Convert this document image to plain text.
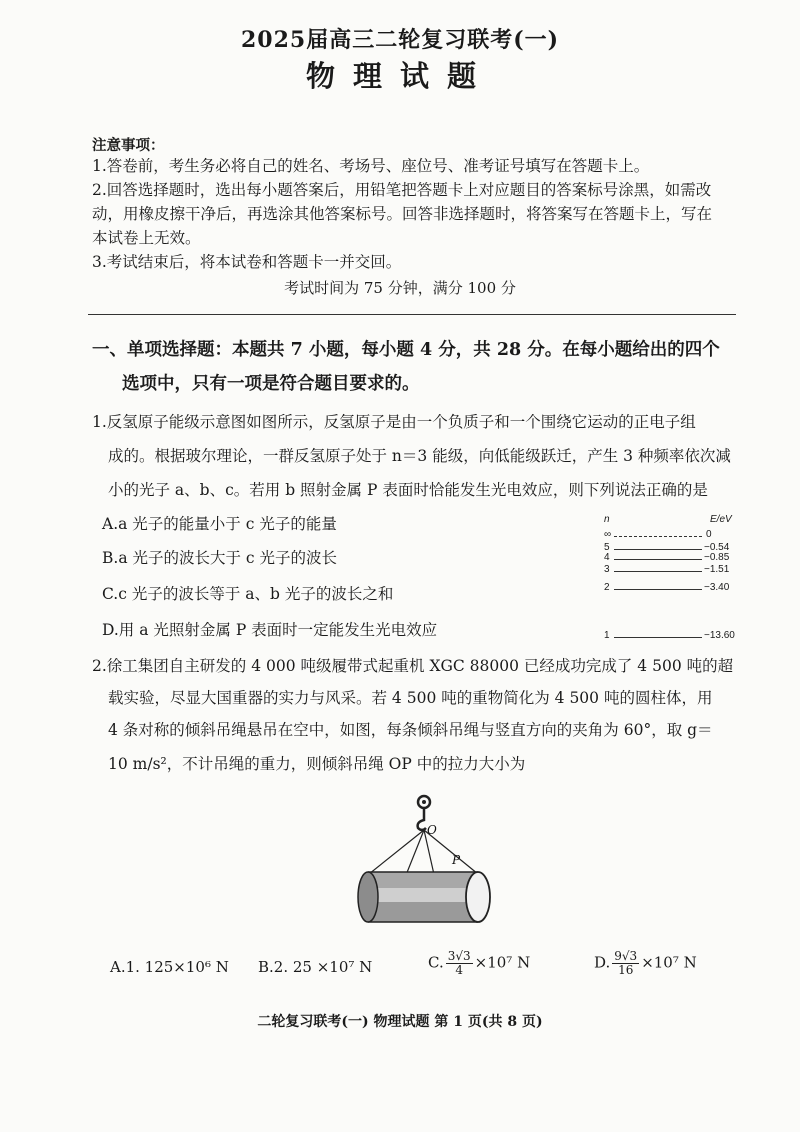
2025届高三二轮复习联考(一)
物理试题
注意事项：
1.答卷前，考生务必将自己的姓名、考场号、座位号、准考证号填写在答题卡上。
2.回答选择题时，选出每小题答案后，用铅笔把答题卡上对应题目的答案标号涂黑，如需改
动，用橡皮擦干净后，再选涂其他答案标号。回答非选择题时，将答案写在答题卡上，写在
本试卷上无效。
3.考试结束后，将本试卷和答题卡一并交回。
考试时间为 75 分钟，满分 100 分
一、单项选择题：本题共 7 小题，每小题 4 分，共 28 分。在每小题给出的四个
选项中，只有一项是符合题目要求的。
1.反氢原子能级示意图如图所示，反氢原子是由一个负质子和一个围绕它运动的正电子组
成的。根据玻尔理论，一群反氢原子处于 n＝3 能级，向低能级跃迁，产生 3 种频率依次减
小的光子 a、b、c。若用 b 照射金属 P 表面时恰能发生光电效应，则下列说法正确的是
A.a 光子的能量小于 c 光子的能量
B.a 光子的波长大于 c 光子的波长
C.c 光子的波长等于 a、b 光子的波长之和
D.用 a 光照射金属 P 表面时一定能发生光电效应
n	E/eV
∞	0
5	−0.54
4	−0.85
3	−1.51
2	−3.40
1	−13.60
2.徐工集团自主研发的 4 000 吨级履带式起重机 XGC 88000 已经成功完成了 4 500 吨的超
载实验，尽显大国重器的实力与风采。若 4 500 吨的重物简化为 4 500 吨的圆柱体，用
4 条对称的倾斜吊绳悬吊在空中，如图，每条倾斜吊绳与竖直方向的夹角为 60°，取 g＝
10 m/s²，不计吊绳的重力，则倾斜吊绳 OP 中的拉力大小为
O
P
A.1. 125×10⁶ N B.2. 25 ×10⁷ N	C. $\frac{3√3}{4} \times 10^7$ N	D. $\frac{9√3}{16} \times 10^7$ N
二轮复习联考(一) 物理试题 第 1 页(共 8 页)
